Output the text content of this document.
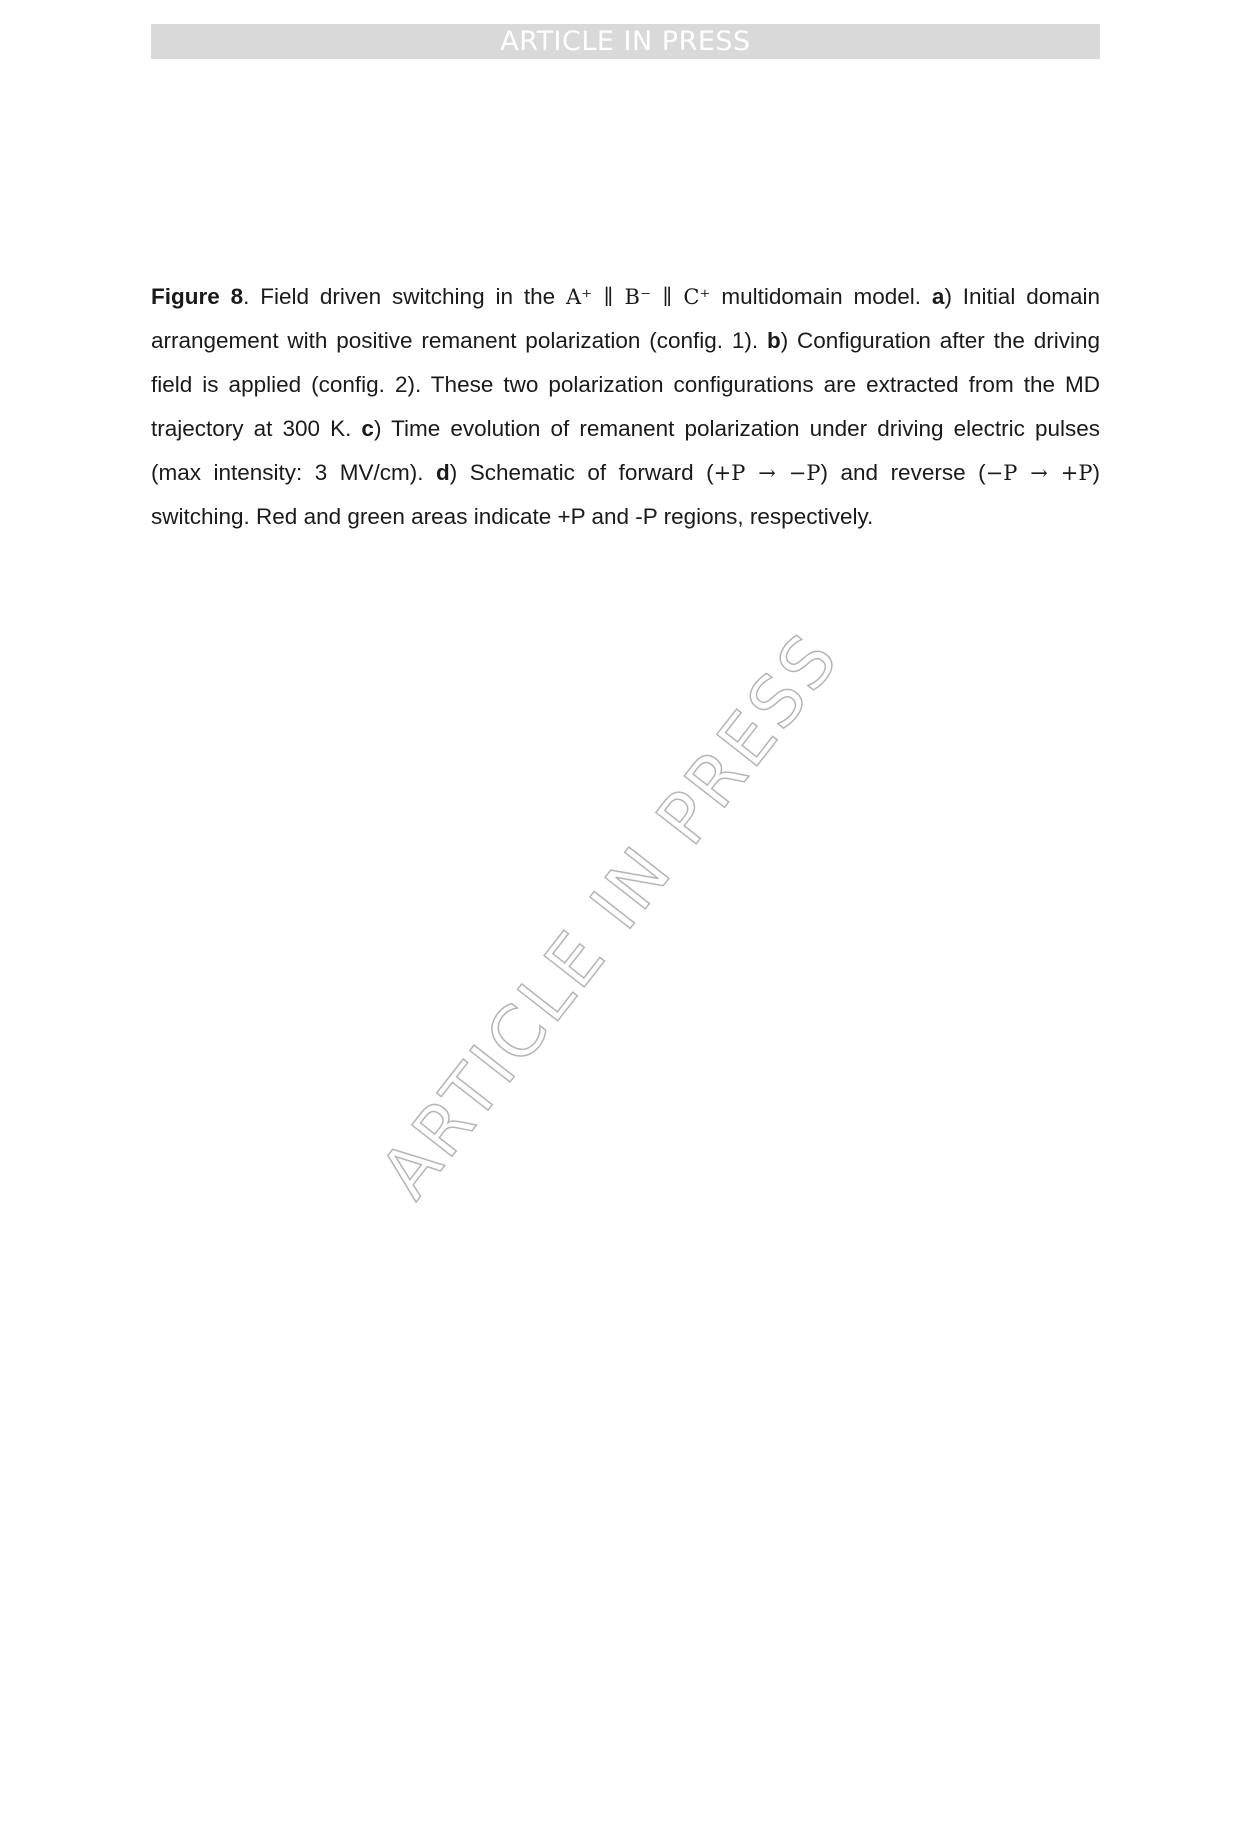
ARTICLE IN PRESS

Figure 8. Field driven switching in the A⁺ ∥ B⁻ ∥ C⁺ multidomain model. a) Initial domain arrangement with positive remanent polarization (config. 1). b) Configuration after the driving field is applied (config. 2). These two polarization configurations are extracted from the MD trajectory at 300 K. c) Time evolution of remanent polarization under driving electric pulses (max intensity: 3 MV/cm). d) Schematic of forward (+P → −P) and reverse (−P → +P) switching. Red and green areas indicate +P and -P regions, respectively.

ARTICLE IN PRESS
